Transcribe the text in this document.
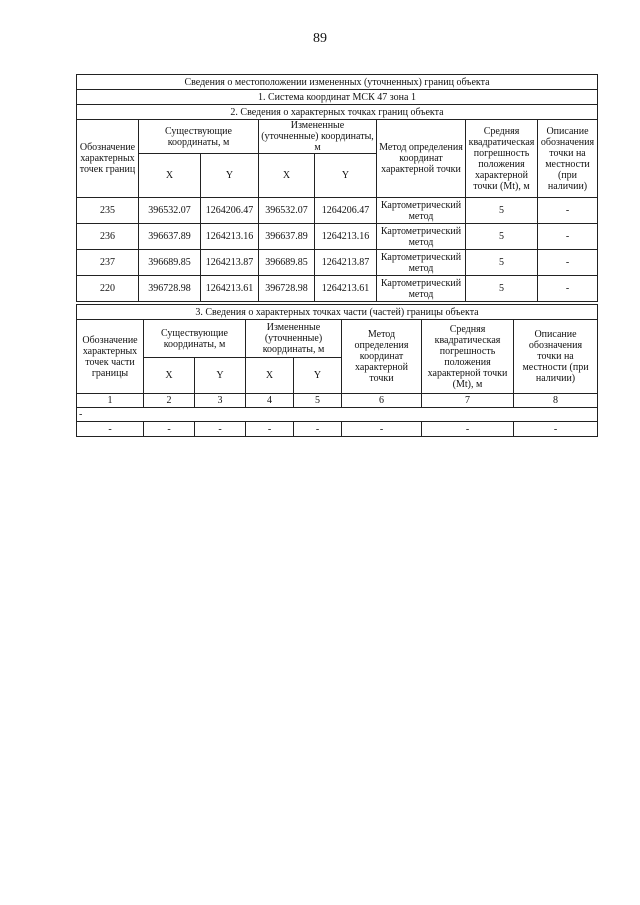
89
Сведения о местоположении измененных (уточненных) границ объекта							
1. Система координат МСК 47 зона 1							
2. Сведения о характерных точках границ объекта							
Обозначение характерных точек границ	Существующие координаты, м		Измененные (уточненные) координаты, м		Метод определения координат характерной точки	Средняя квадратическая погрешность положения характерной точки (Mt), м	Описание обозначения точки на местности (при наличии)
	X	Y	X	Y			
235	396532.07	1264206.47	396532.07	1264206.47	Картометрический метод	5	-
236	396637.89	1264213.16	396637.89	1264213.16	Картометрический метод	5	-
237	396689.85	1264213.87	396689.85	1264213.87	Картометрический метод	5	-
220	396728.98	1264213.61	396728.98	1264213.61	Картометрический метод	5	-
3. Сведения о характерных точках части (частей) границы объекта							
Обозначение характерных точек части границы	Существующие координаты, м		Измененные (уточненные) координаты, м		Метод определения координат характерной точки	Средняя квадратическая погрешность положения характерной точки (Mt), м	Описание обозначения точки на местности (при наличии)
	X	Y	X	Y			
1	2	3	4	5	6	7	8
-							
-	-	-	-	-	-	-	-
